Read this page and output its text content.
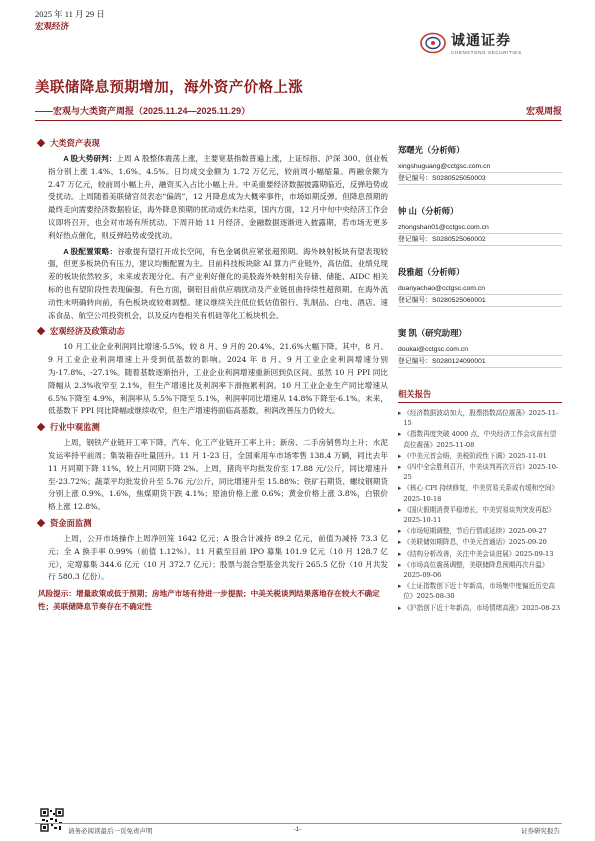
2025 年 11 月 29 日
宏观经济
诚通证券
CHENGTONG SECURITIES
美联储降息预期增加，海外资产价格上涨
——宏观与大类资产周报（2025.11.24—2025.11.29）	宏观周报
大类资产表现

A 股大势研判：上周 A 股整体震荡上涨，主要宽基指数普遍上涨，上证综指、沪深 300、创业板指分别上涨 1.4%、1.6%、4.5%。日均成交金额为 1.72 万亿元，较前周小幅缩量。两融余额为 2.47 万亿元，较前周小幅上升，融资买入占比小幅上升。中美重要经济数据披露期临近，反弹趋势或受扰动。上周随着美联储官员表态“偏鸽”，12 月降息成为大概率事件，市场如期反弹。但降息预期的最终走向需要经济数据验证，海外降息预期的扰动或仍未结束，国内方面，12 月中旬中央经济工作会议即将召开，也会对市场有所扰动。下周开始 11 月经济、金融数据逐渐进入披露期，若市场无更多利好热点催化，则反弹趋势或受扰动。

A 股配置策略：谷歌提有望打开成长空间，有色金属供应紧张超预期。海外映射板块有望表现较强，但更多板块仍有压力，建议均衡配置为主。目前科技板块除 AI 算力产业链外，高估值、业绩兑现差的板块依然较多，未来或表现分化。有产业利好催化的美股海外映射相关存储、储能、AIDC 相关标的也有望阶段性表现偏强。有色方面，铜铝目前供应端扰动及产业链扭曲持续性超预期。在海外流动性未明确转向前，有色板块或较难调整。建议继续关注低位低估值银行、乳制品、白电、酒店、速冻食品、航空公司投资机会，以及反内卷相关有机硅等化工板块机会。

宏观经济及政策动态

10 月工业企业利润同比增速-5.5%，较 8 月、9 月的 20.4%、21.6%大幅下降。其中，8 月、9 月工业企业利润增速上升受到低基数的影响。2024 年 8 月、9 月工业企业利润增速分别为-17.8%、-27.1%。随着基数逐渐抬升，工业企业利润增速重新回到负区间。虽然 10 月 PPI 同比降幅从 2.3%收窄至 2.1%，但生产增速比及利润率下滑拖累利润。10 月工业企业生产同比增速从 6.5%下降至 4.9%，利润率从 5.5%下降至 5.1%，利润率同比增速从 14.8%下降至-6.1%。未来，低基数下 PPI 同比降幅或继续收窄，但生产增速将面临高基数，利润改善压力仍较大。

行业中观监测

上周，钢铁产业链开工率下降，汽车、化工产业链开工率上升；新房、二手房销售均上升；水泥发运率持平前周；集装箱吞吐量回升。11 月 1-23 日，全国乘用车市场零售 138.4 万辆，同比去年 11 月同期下降 11%，较上月同期下降 2%。上周，猪肉平均批发价至 17.88 元/公斤，同比增速升至-23.72%；蔬菜平均批发价升至 5.76 元/公斤，同比增速升至 15.88%；铁矿石期货、螺纹钢期货分别上涨 0.9%、1.6%，焦煤期货下跌 4.1%；原油价格上涨 0.6%；黄金价格上涨 3.8%，白银价格上涨 12.8%。

资金面监测

上周，公开市场操作上周净回笼 1642 亿元；A 股合计减持 89.2 亿元，前值为减持 73.3 亿元；全 A 换手率 0.99%（前值 1.12%）。11 月截至目前 IPO 募集 101.9 亿元（10 月 128.7 亿元），定增募集 344.6 亿元（10 月 372.7 亿元）；股票与混合型基金共发行 265.5 亿份（10 月共发行 580.3 亿份）。

风险提示：增量政策或低于预期；房地产市场有待进一步提振；中美关税谈判结果落地存在较大不确定性；美联储降息节奏存在不确定性

郑曙光（分析师）
xingshuguang@cctgsc.com.cn
登记编号：S0280525050003
钟 山（分析师）
zhongshan01@cctgsc.com.cn
登记编号：S0280525060002
段雅超（分析师）
duanyachao@cctgsc.com.cn
登记编号：S0280525060001
窦 凯（研究助理）
doukai@cctgsc.com.cn
登记编号：S0280124090001
相关报告
▸ 《经济数据波动加大，股票指数高位震荡》2025-11-15
▸ 《指数再度突破 4000 点，中央经济工作会议前有望高位震荡》2025-11-08
▸ 《中美元首会晤，美税阶段性下调》2025-11-01
▸ 《四中全会胜利召开，中美谈判再次开启》2025-10-25
▸ 《核心 CPI 持续修复，中美贸易关系或有缓和空间》2025-10-18
▸ 《国庆假期消费平稳增长，中美贸易谈判突发再起》2025-10-11
▸ 《市场短期调整，节后行情或延续》2025-09-27
▸ 《美联储如期降息，中美元首通话》2025-09-20
▸ 《结构分析改善，关注中美会谈进展》2025-09-13
▸ 《市场高位震荡调整，美联储降息预期再次升温》2025-09-06
▸ 《上证指数创下近十年新高，市场集中度偏近历史高位》2025-08-30
▸ 《沪指创下近十年新高，市场情绪高涨》2025-08-23
请务必阅读最后一页免责声明	-1-	证券研究报告
